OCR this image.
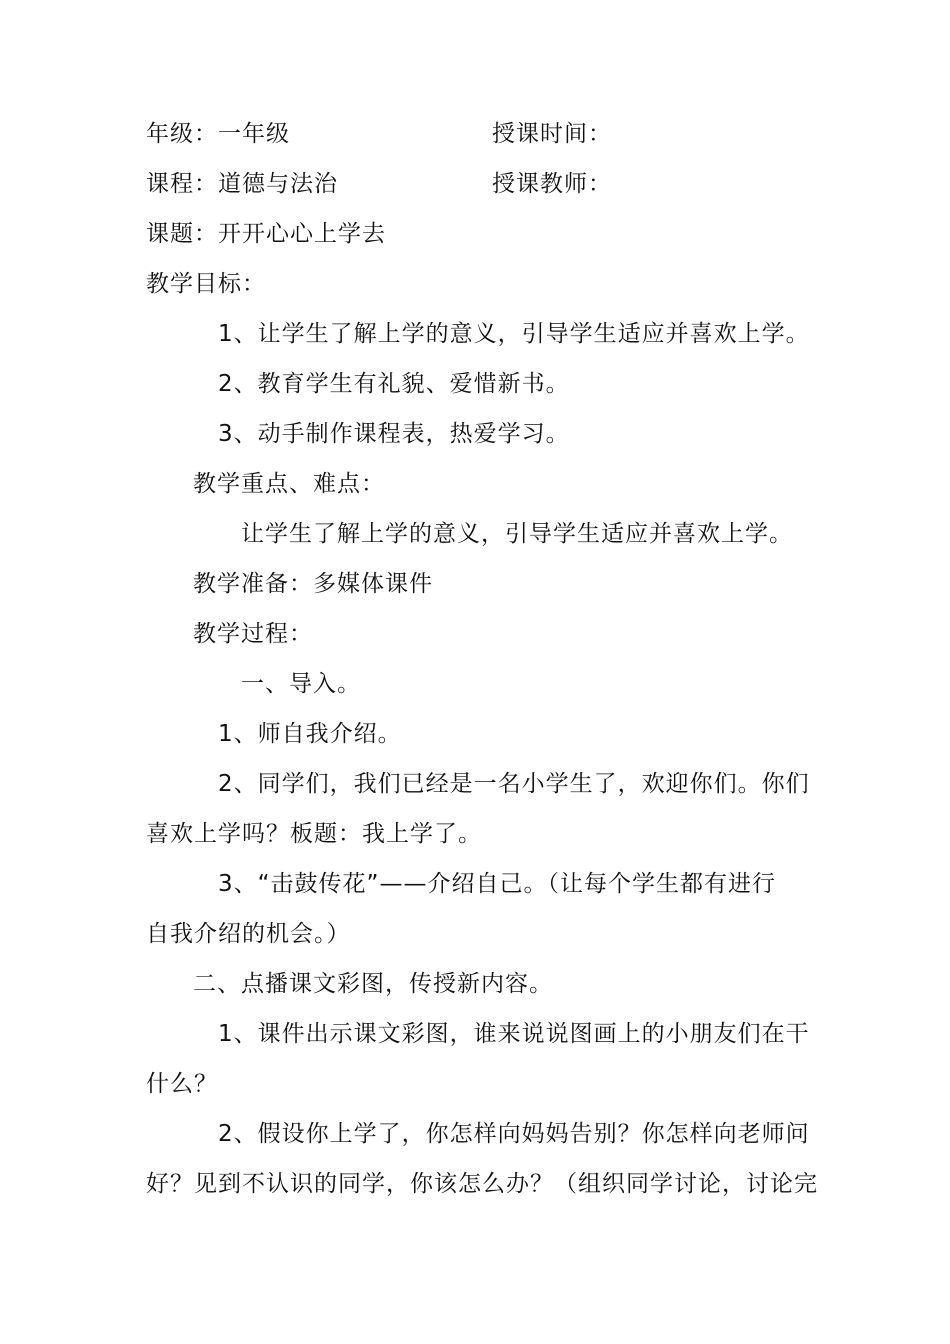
年级：一年级	授课时间：
课程：道德与法治	授课教师：
课题：开开心心上学去
教学目标：
1、让学生了解上学的意义，引导学生适应并喜欢上学。
2、教育学生有礼貌、爱惜新书。
3、动手制作课程表，热爱学习。
教学重点、难点：
让学生了解上学的意义，引导学生适应并喜欢上学。
教学准备：多媒体课件
教学过程：
一、导入。
1、师自我介绍。
2、同学们，我们已经是一名小学生了，欢迎你们。你们
喜欢上学吗？板题：我上学了。
3、“击鼓传花”——介绍自己。（让每个学生都有进行
自我介绍的机会。）
二、点播课文彩图，传授新内容。
1、课件出示课文彩图，谁来说说图画上的小朋友们在干
什么？
2、假设你上学了，你怎样向妈妈告别？你怎样向老师问
好？见到不认识的同学，你该怎么办？（组织同学讨论，讨论完
